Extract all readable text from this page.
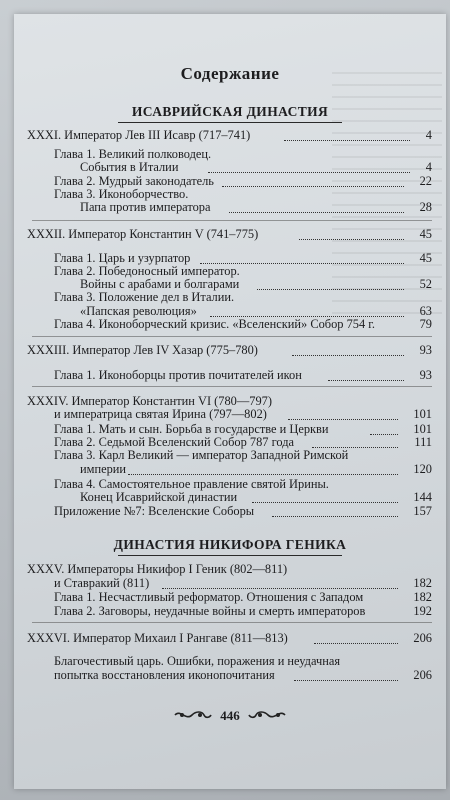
Содержание
ИСАВРИЙСКАЯ ДИНАСТИЯ
XXXI. Император Лев III Исавр (717–741)	4
Глава 1. Великий полководец.
События в Италии	4
Глава 2. Мудрый законодатель	22
Глава 3. Иконоборчество.
Папа против императора	28
XXXII. Император Константин V (741–775)	45
Глава 1. Царь и узурпатор	45
Глава 2. Победоносный император.
Войны с арабами и болгарами	52
Глава 3. Положение дел в Италии.
«Папская революция»	63
Глава 4. Иконоборческий кризис. «Вселенский» Собор 754 г.	79
XXXIII. Император Лев IV Хазар (775–780)	93
Глава 1. Иконоборцы против почитателей икон	93
XXXIV. Император Константин VI (780—797)
и императрица святая Ирина (797—802)	101
Глава 1. Мать и сын. Борьба в государстве и Церкви	101
Глава 2. Седьмой Вселенский Собор 787 года	111
Глава 3. Карл Великий — император Западной Римской
империи	120
Глава 4. Самостоятельное правление святой Ирины.
Конец Исаврийской династии	144
Приложение №7: Вселенские Соборы	157
ДИНАСТИЯ НИКИФОРА ГЕНИКА
XXXV. Императоры Никифор I Геник (802—811)
и Ставракий (811)	182
Глава 1. Несчастливый реформатор. Отношения с Западом	182
Глава 2. Заговоры, неудачные войны и смерть императоров	192
XXXVI. Император Михаил I Рангаве (811—813)	206
Благочестивый царь. Ошибки, поражения и неудачная
попытка восстановления иконопочитания	206
446
